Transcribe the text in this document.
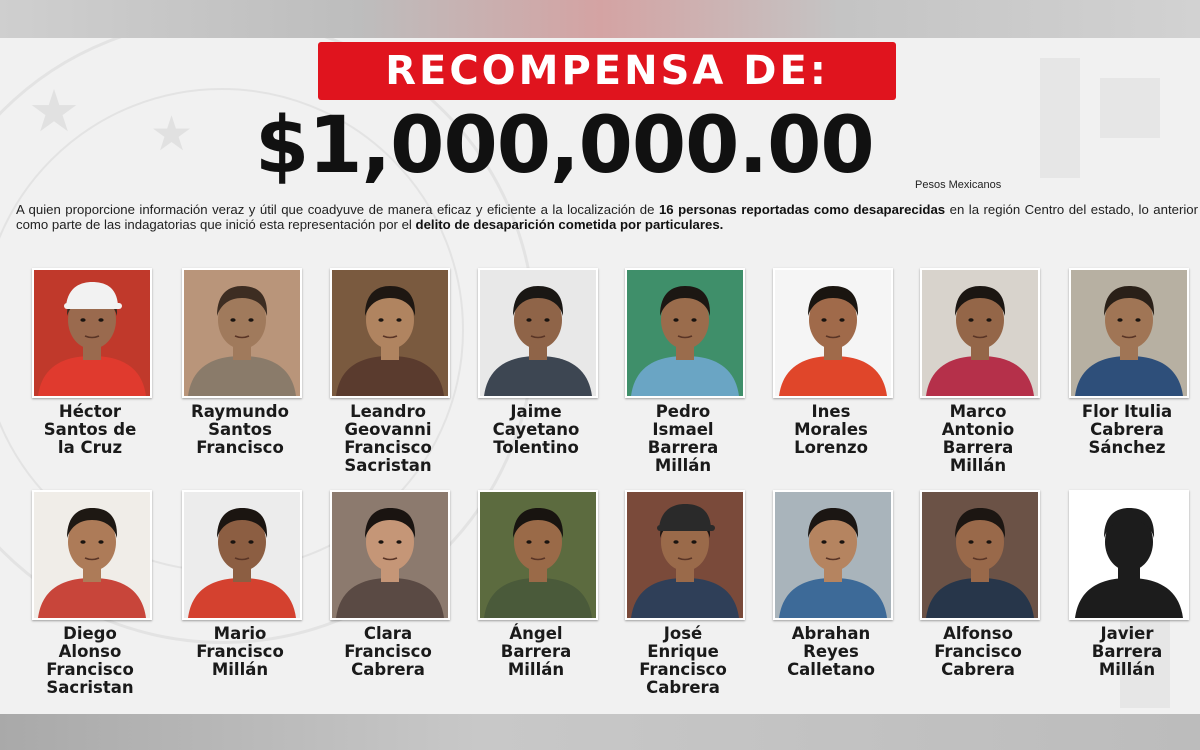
★ ★
RECOMPENSA DE:
$1,000,000.00	Pesos Mexicanos
A quien proporcione información veraz y útil que coadyuve de manera eficaz y eficiente a la localización de 16 personas reportadas como desaparecidas en la región Centro del estado, lo anterior como parte de las indagatorias que inició esta representación por el delito de desaparición cometida por particulares.
Héctor
Santos de
la Cruz
Raymundo
Santos
Francisco
Leandro
Geovanni
Francisco
Sacristan
Jaime
Cayetano
Tolentino
Pedro
Ismael
Barrera
Millán
Ines
Morales
Lorenzo
Marco
Antonio
Barrera
Millán
Flor Itulia
Cabrera
Sánchez
Diego
Alonso
Francisco
Sacristan
Mario
Francisco
Millán
Clara
Francisco
Cabrera
Ángel
Barrera
Millán
José
Enrique
Francisco
Cabrera
Abrahan
Reyes
Calletano
Alfonso
Francisco
Cabrera
Javier
Barrera
Millán
